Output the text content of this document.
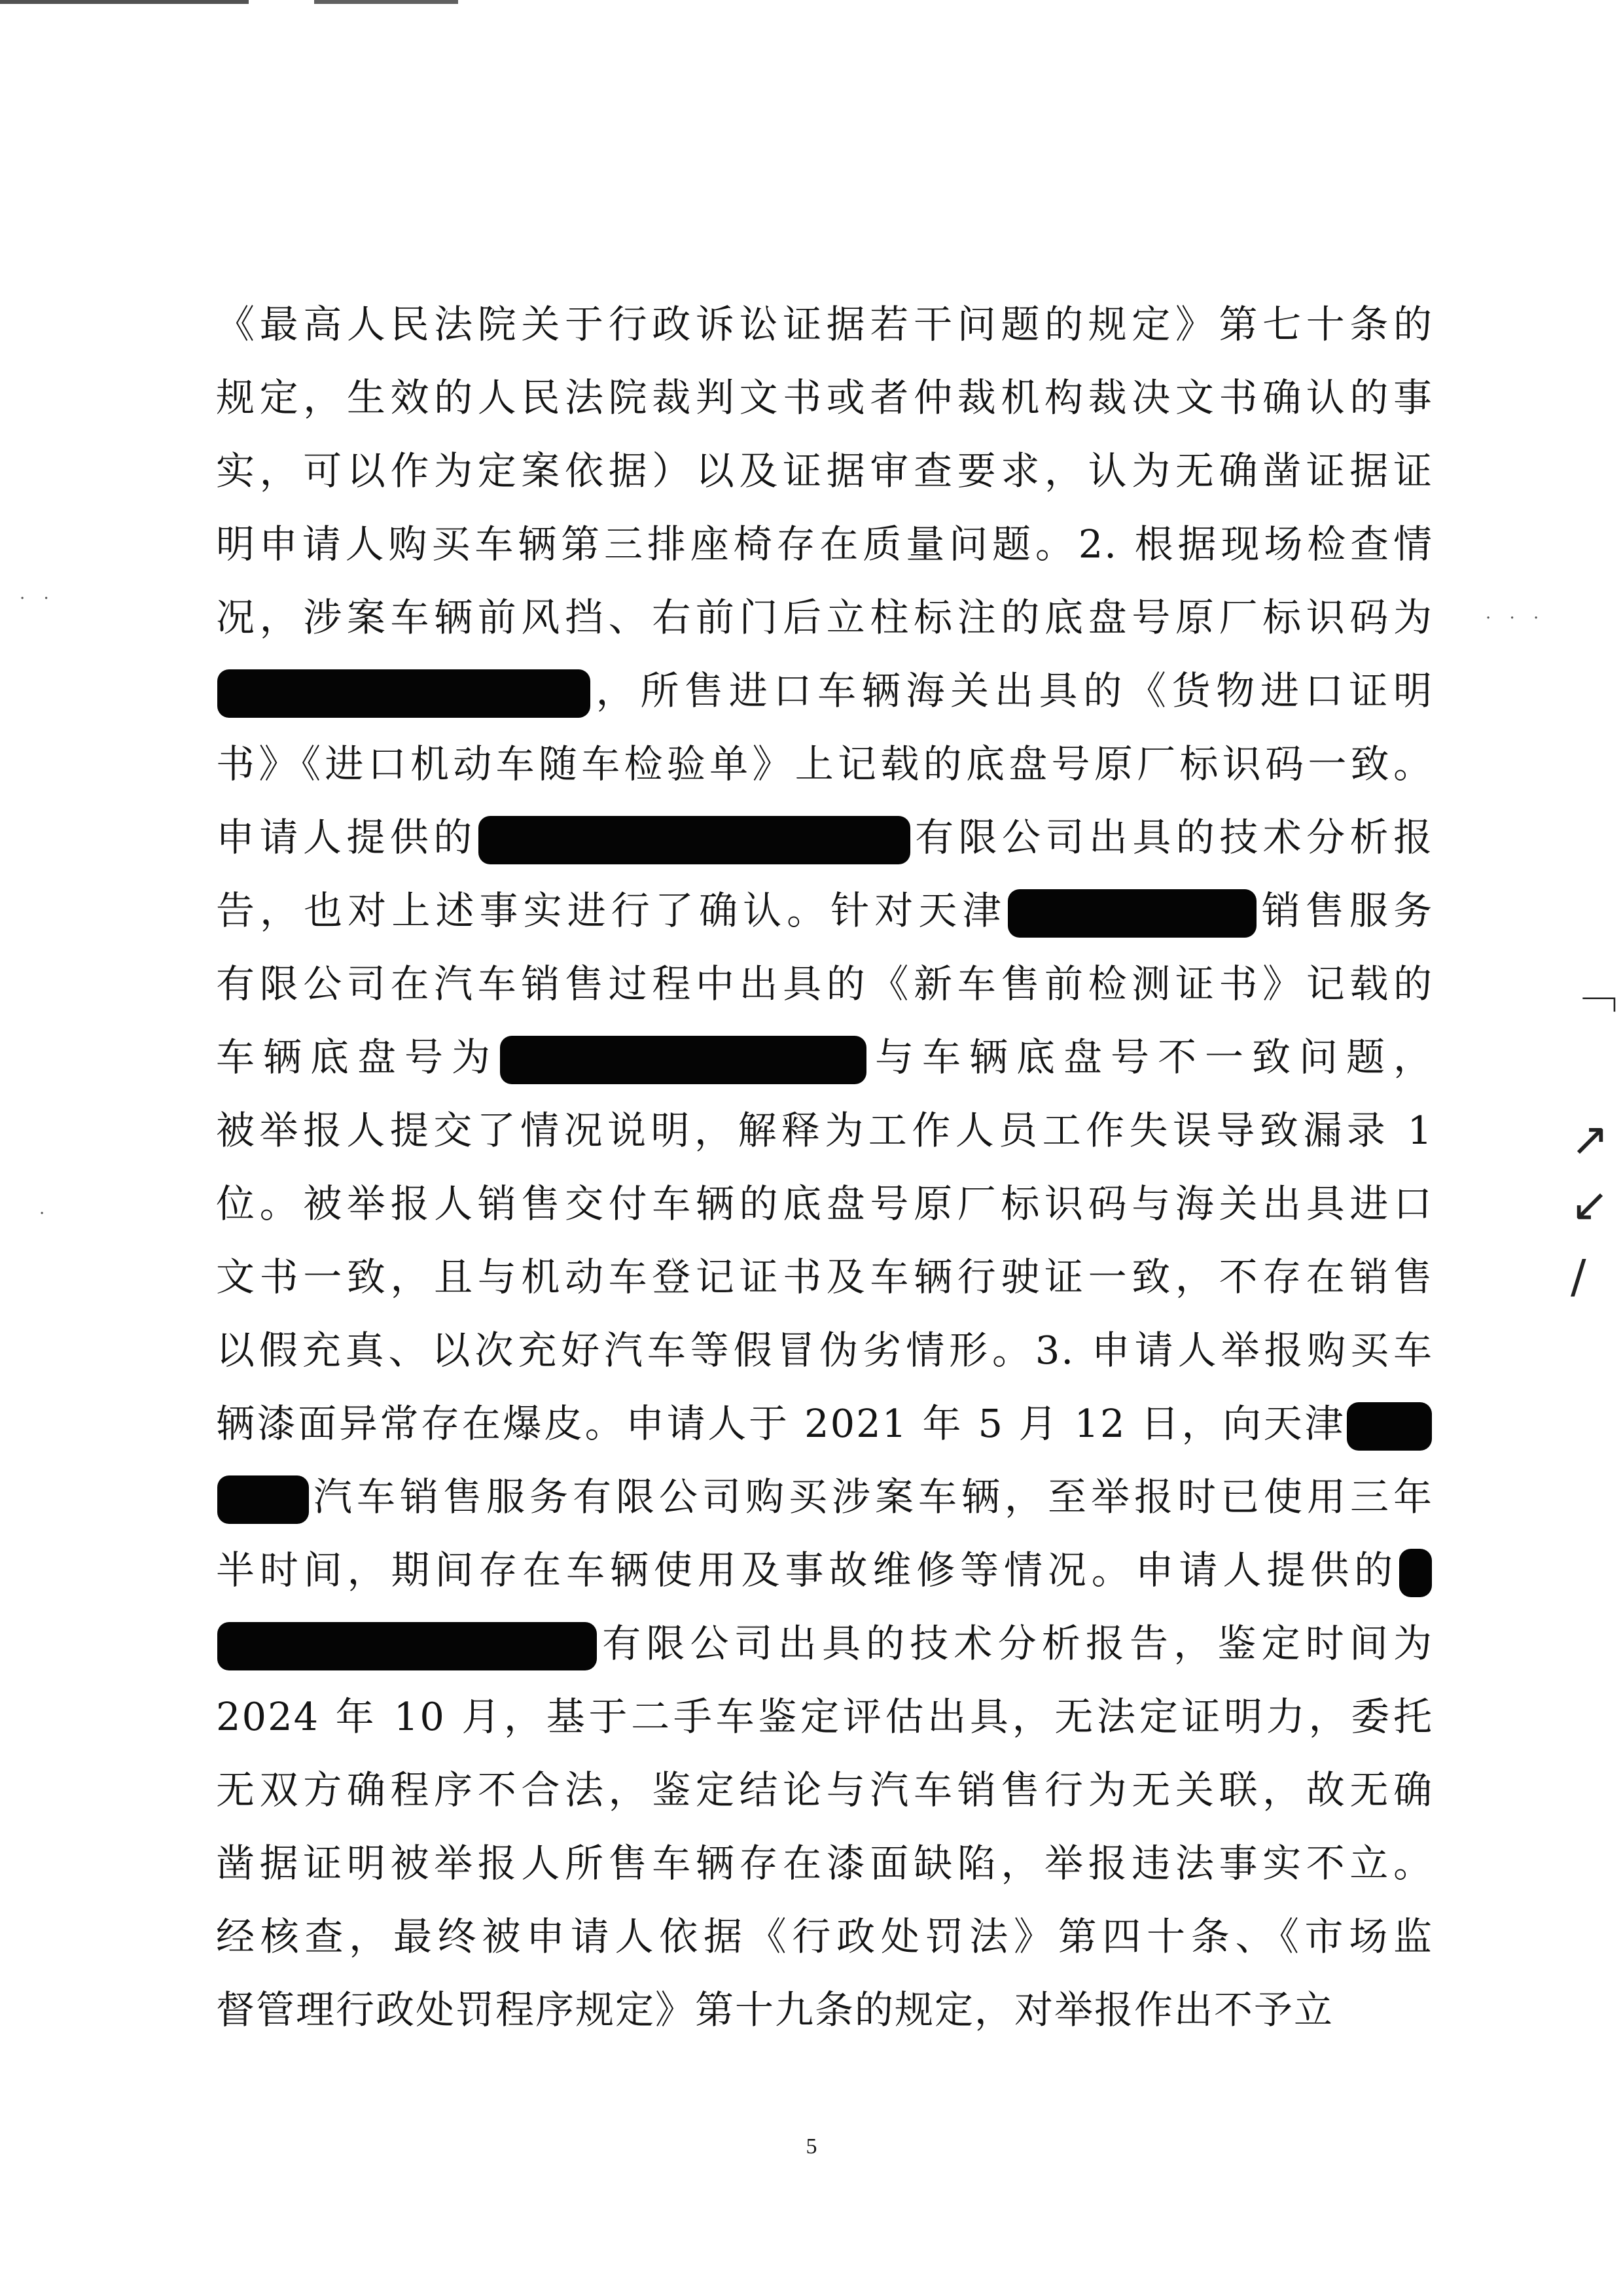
《最高人民法院关于行政诉讼证据若干问题的规定》第七十条的
规定，生效的人民法院裁判文书或者仲裁机构裁决文书确认的事
实，可以作为定案依据）以及证据审查要求，认为无确凿证据证
明申请人购买车辆第三排座椅存在质量问题。2. 根据现场检查情
况，涉案车辆前风挡、右前门后立柱标注的底盘号原厂标识码为
，所售进口车辆海关出具的《货物进口证明
书》《进口机动车随车检验单》上记载的底盘号原厂标识码一致。
申请人提供的	有限公司出具的技术分析报
告，也对上述事实进行了确认。针对天津	销售服务
有限公司在汽车销售过程中出具的《新车售前检测证书》记载的
车辆底盘号为	与车辆底盘号不一致问题，
被举报人提交了情况说明，解释为工作人员工作失误导致漏录 1
位。被举报人销售交付车辆的底盘号原厂标识码与海关出具进口
文书一致，且与机动车登记证书及车辆行驶证一致，不存在销售
以假充真、以次充好汽车等假冒伪劣情形。3. 申请人举报购买车
辆漆面异常存在爆皮。申请人于 2021 年 5 月 12 日，向天津
汽车销售服务有限公司购买涉案车辆，至举报时已使用三年
半时间，期间存在车辆使用及事故维修等情况。申请人提供的
有限公司出具的技术分析报告，鉴定时间为
2024 年 10 月，基于二手车鉴定评估出具，无法定证明力，委托
无双方确程序不合法，鉴定结论与汽车销售行为无关联，故无确
凿据证明被举报人所售车辆存在漆面缺陷，举报违法事实不立。
经核查，最终被申请人依据《行政处罚法》第四十条、《市场监
督管理行政处罚程序规定》第十九条的规定，对举报作出不予立
5
﹁
↗
↙
∕
· ·
· · ·
·
